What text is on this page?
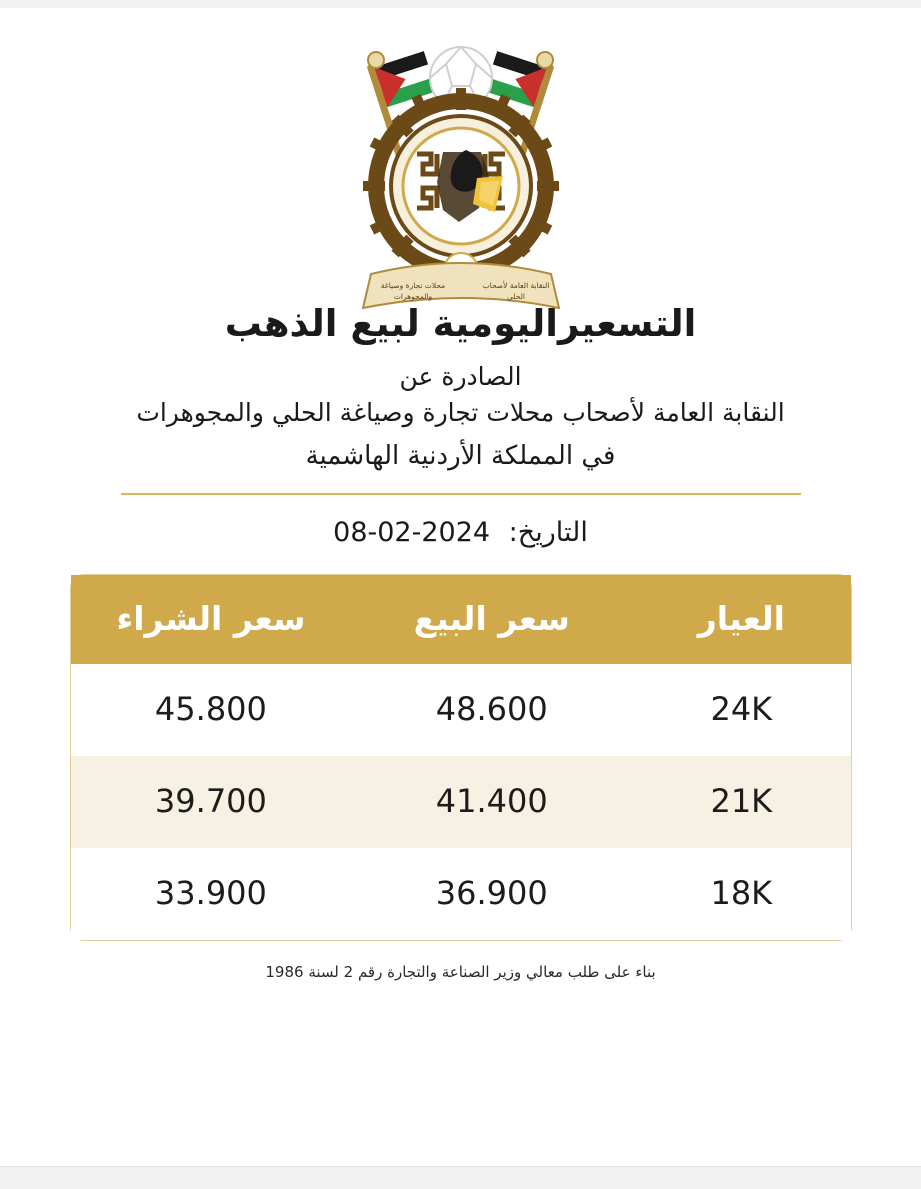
النقابة العامة لأصحاب
الحلي
محلات تجارة وصياغة
والمجوهرات
التسعيراليومية لبيع الذهب
الصادرة عن
النقابة العامة لأصحاب محلات تجارة وصياغة الحلي والمجوهرات
في المملكة الأردنية الهاشمية
التاريخ: 08-02-2024
العيار	سعر البيع	سعر الشراء
24K	48.600	45.800
21K	41.400	39.700
18K	36.900	33.900
بناء على طلب معالي وزير الصناعة والتجارة رقم 2 لسنة 1986
